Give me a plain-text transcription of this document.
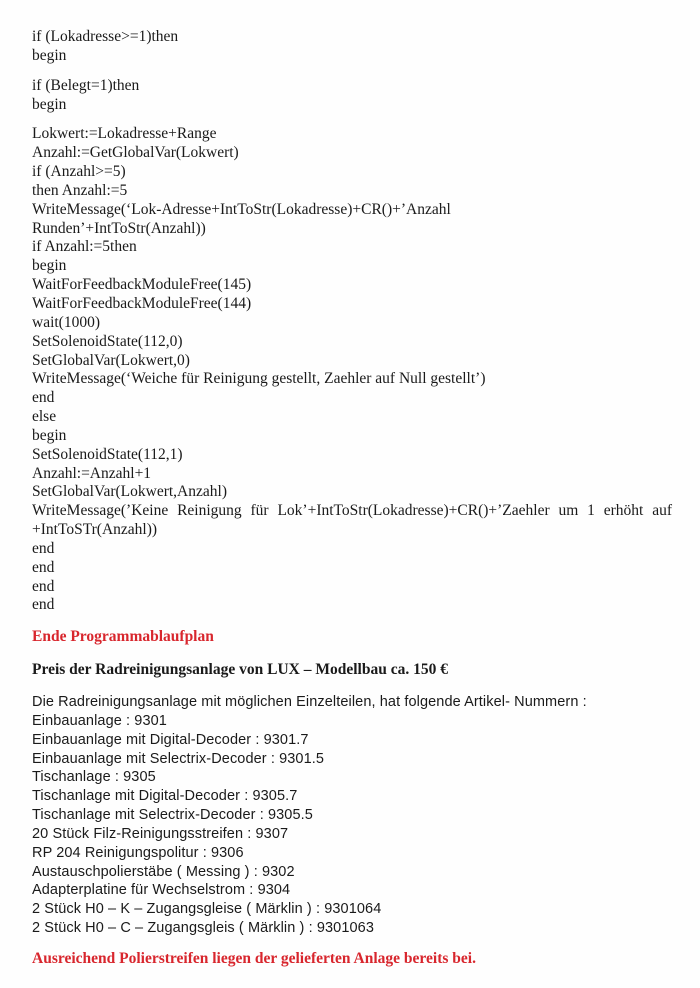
if (Lokadresse>=1)then
begin
if (Belegt=1)then
begin
Lokwert:=Lokadresse+Range
Anzahl:=GetGlobalVar(Lokwert)
if (Anzahl>=5)
then Anzahl:=5
WriteMessage(‘Lok-Adresse+IntToStr(Lokadresse)+CR()+’Anzahl
Runden’+IntToStr(Anzahl))
if Anzahl:=5then
begin
WaitForFeedbackModuleFree(145)
WaitForFeedbackModuleFree(144)
wait(1000)
SetSolenoidState(112,0)
SetGlobalVar(Lokwert,0)
WriteMessage(‘Weiche für Reinigung gestellt, Zaehler auf Null gestellt’)
end
else
begin
SetSolenoidState(112,1)
Anzahl:=Anzahl+1
SetGlobalVar(Lokwert,Anzahl)
WriteMessage(’Keine Reinigung für Lok’+IntToStr(Lokadresse)+CR()+’Zaehler um 1 erhöht auf +IntToSTr(Anzahl))
end
end
end
end
Ende Programmablaufplan
Preis der Radreinigungsanlage von LUX – Modellbau ca. 150 €
Die Radreinigungsanlage mit möglichen Einzelteilen, hat folgende Artikel- Nummern :
Einbauanlage : 9301
Einbauanlage mit Digital-Decoder : 9301.7
Einbauanlage mit Selectrix-Decoder : 9301.5
Tischanlage : 9305
Tischanlage mit Digital-Decoder : 9305.7
Tischanlage mit Selectrix-Decoder : 9305.5
20 Stück Filz-Reinigungsstreifen : 9307
RP 204 Reinigungspolitur : 9306
Austauschpolierstäbe ( Messing ) : 9302
Adapterplatine für Wechselstrom : 9304
2 Stück H0 – K – Zugangsgleise ( Märklin ) : 9301064
2 Stück H0 – C – Zugangsgleis ( Märklin ) : 9301063
Ausreichend Polierstreifen liegen der gelieferten Anlage bereits bei.
